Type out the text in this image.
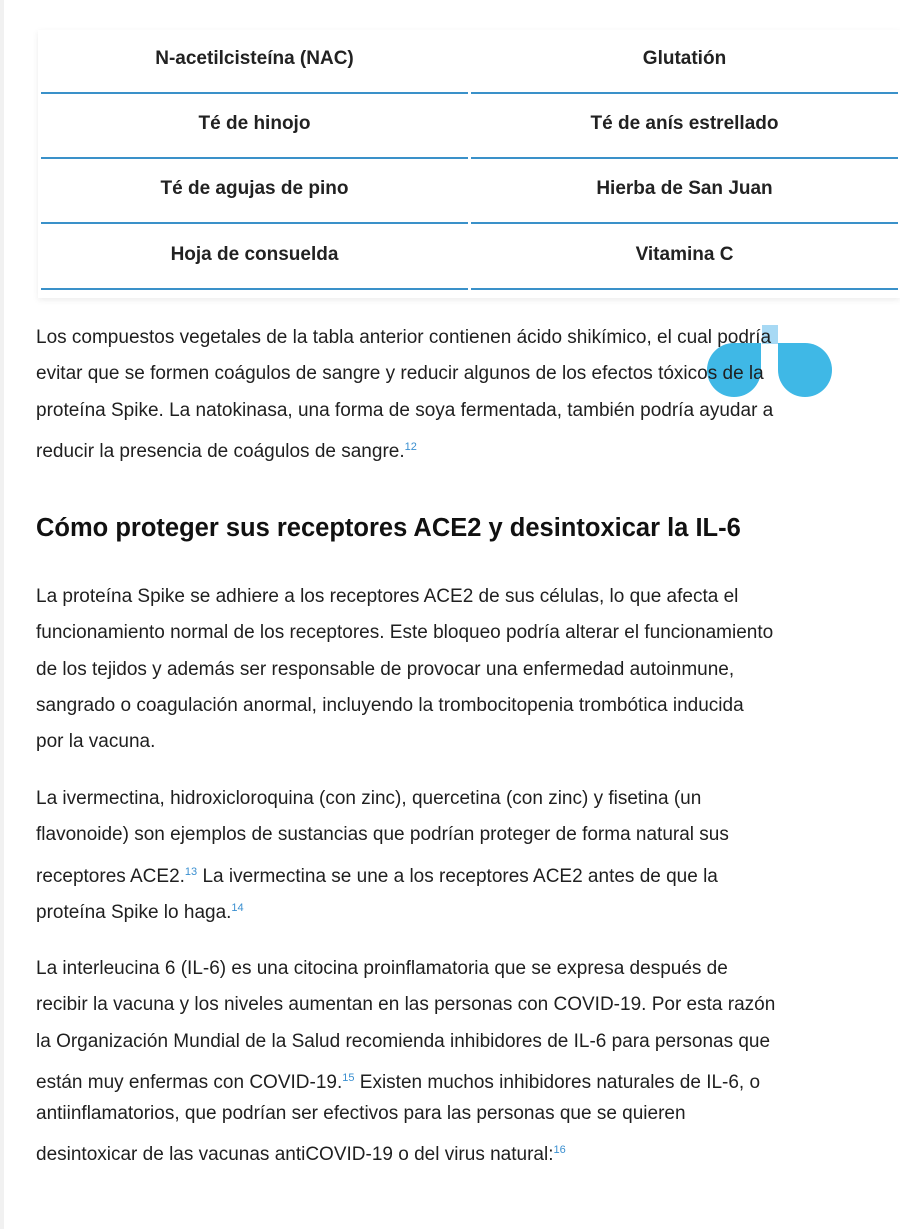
N-acetilcisteína (NAC)	Glutatión
Té de hinojo	Té de anís estrellado
Té de agujas de pino	Hierba de San Juan
Hoja de consuelda	Vitamina C
Los compuestos vegetales de la tabla anterior contienen ácido shikímico, el cual podría
evitar que se formen coágulos de sangre y reducir algunos de los efectos tóxicos de la
proteína Spike. La natokinasa, una forma de soya fermentada, también podría ayudar a
reducir la presencia de coágulos de sangre.$^{12}$
Cómo proteger sus receptores ACE2 y desintoxicar la IL-6
La proteína Spike se adhiere a los receptores ACE2 de sus células, lo que afecta el
funcionamiento normal de los receptores. Este bloqueo podría alterar el funcionamiento
de los tejidos y además ser responsable de provocar una enfermedad autoinmune,
sangrado o coagulación anormal, incluyendo la trombocitopenia trombótica inducida
por la vacuna.
La ivermectina, hidroxicloroquina (con zinc), quercetina (con zinc) y fisetina (un
flavonoide) son ejemplos de sustancias que podrían proteger de forma natural sus
receptores ACE2.13 La ivermectina se une a los receptores ACE2 antes de que la
proteína Spike lo haga.$^{14}$
La interleucina 6 (IL-6) es una citocina proinflamatoria que se expresa después de
recibir la vacuna y los niveles aumentan en las personas con COVID-19. Por esta razón
la Organización Mundial de la Salud recomienda inhibidores de IL-6 para personas que
están muy enfermas con COVID-19.15 Existen muchos inhibidores naturales de IL-6, o
antiinflamatorios, que podrían ser efectivos para las personas que se quieren
desintoxicar de las vacunas antiCOVID-19 o del virus natural:$^{16}$
